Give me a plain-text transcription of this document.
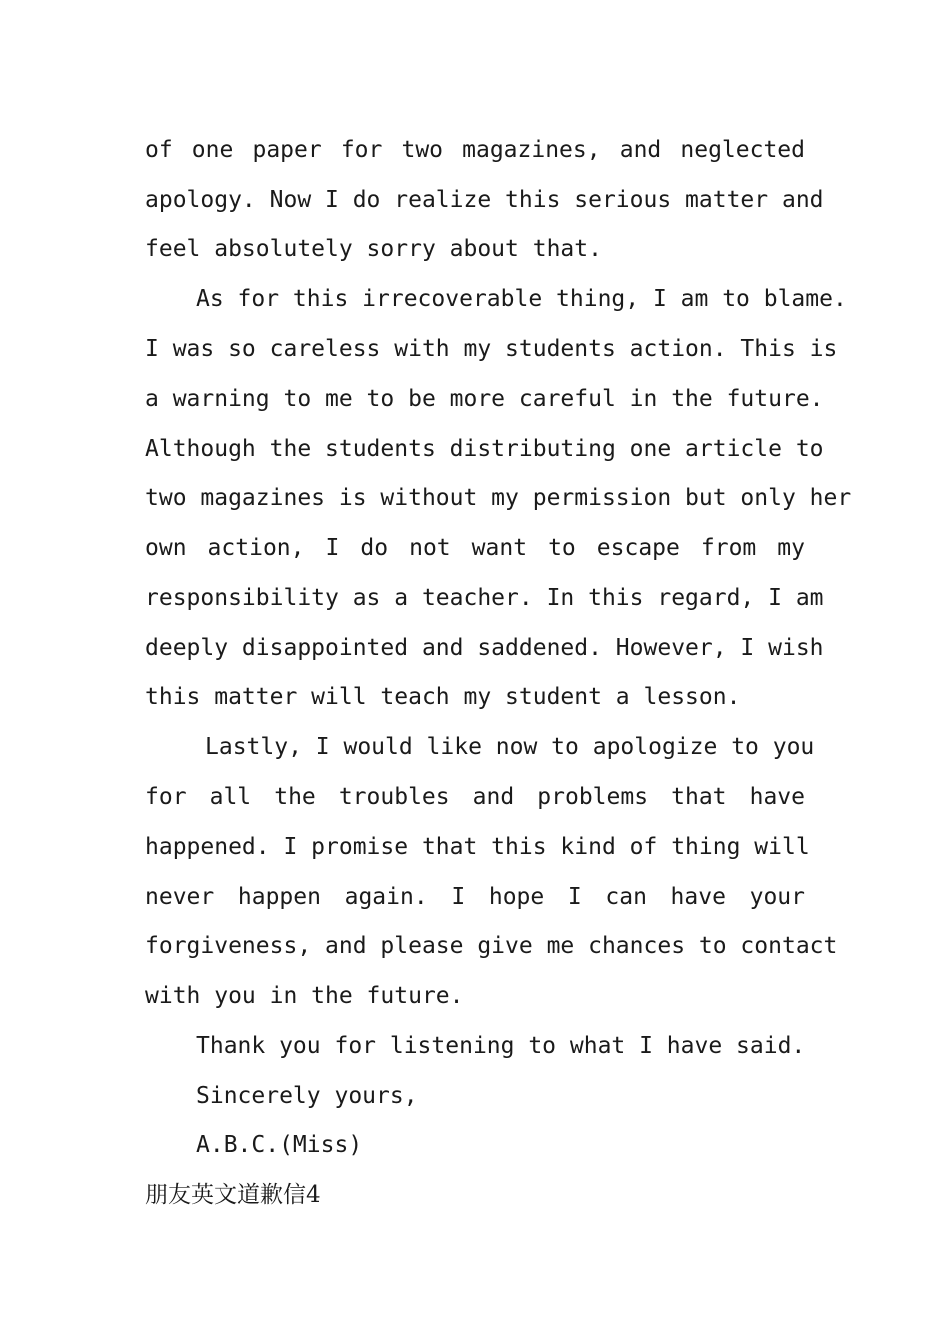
of one paper for two magazines, and neglected
apology. Now I do realize this serious matter and
feel absolutely sorry about that.
As for this irrecoverable thing, I am to blame.
I was so careless with my students action. This is
a warning to me to be more careful in the future.
Although the students distributing one article to
two magazines is without my permission but only her
own action, I do not want to escape from my
responsibility as a teacher. In this regard, I am
deeply disappointed and saddened. However, I wish
this matter will teach my student a lesson.
Lastly, I would like now to apologize to you
for all the troubles and problems that have
happened. I promise that this kind of thing will
never happen again. I hope I can have your
forgiveness, and please give me chances to contact
with you in the future.
Thank you for listening to what I have said.
Sincerely yours,
A.B.C.(Miss)
朋友英文道歉信4
